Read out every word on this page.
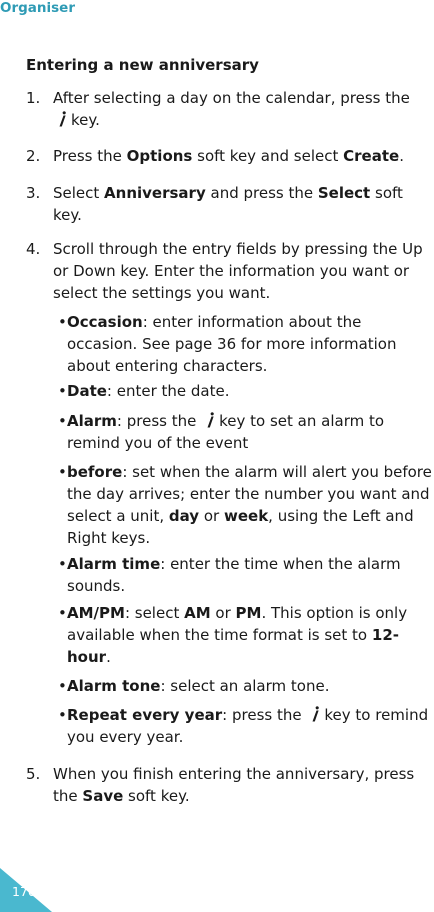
Organiser
Entering a new anniversary
1. After selecting a day on the calendar, press the

key.
2. Press the Options soft key and select Create.
3. Select Anniversary and press the Select soft key.
4. Scroll through the entry fields by pressing the Up or Down key. Enter the information you want or select the settings you want.
• Occasion: enter information about the occasion. See page 36 for more information about entering characters.
• Date: enter the date.
• Alarm: press the key to set an alarm to remind you of the event
• before: set when the alarm will alert you before the day arrives; enter the number you want and select a unit, day or week, using the Left and Right keys.
• Alarm time: enter the time when the alarm sounds.
• AM/PM: select AM or PM. This option is only available when the time format is set to 12-hour.
• Alarm tone: select an alarm tone.
• Repeat every year: press the key to remind you every year.
5. When you finish entering the anniversary, press the Save soft key.
170
